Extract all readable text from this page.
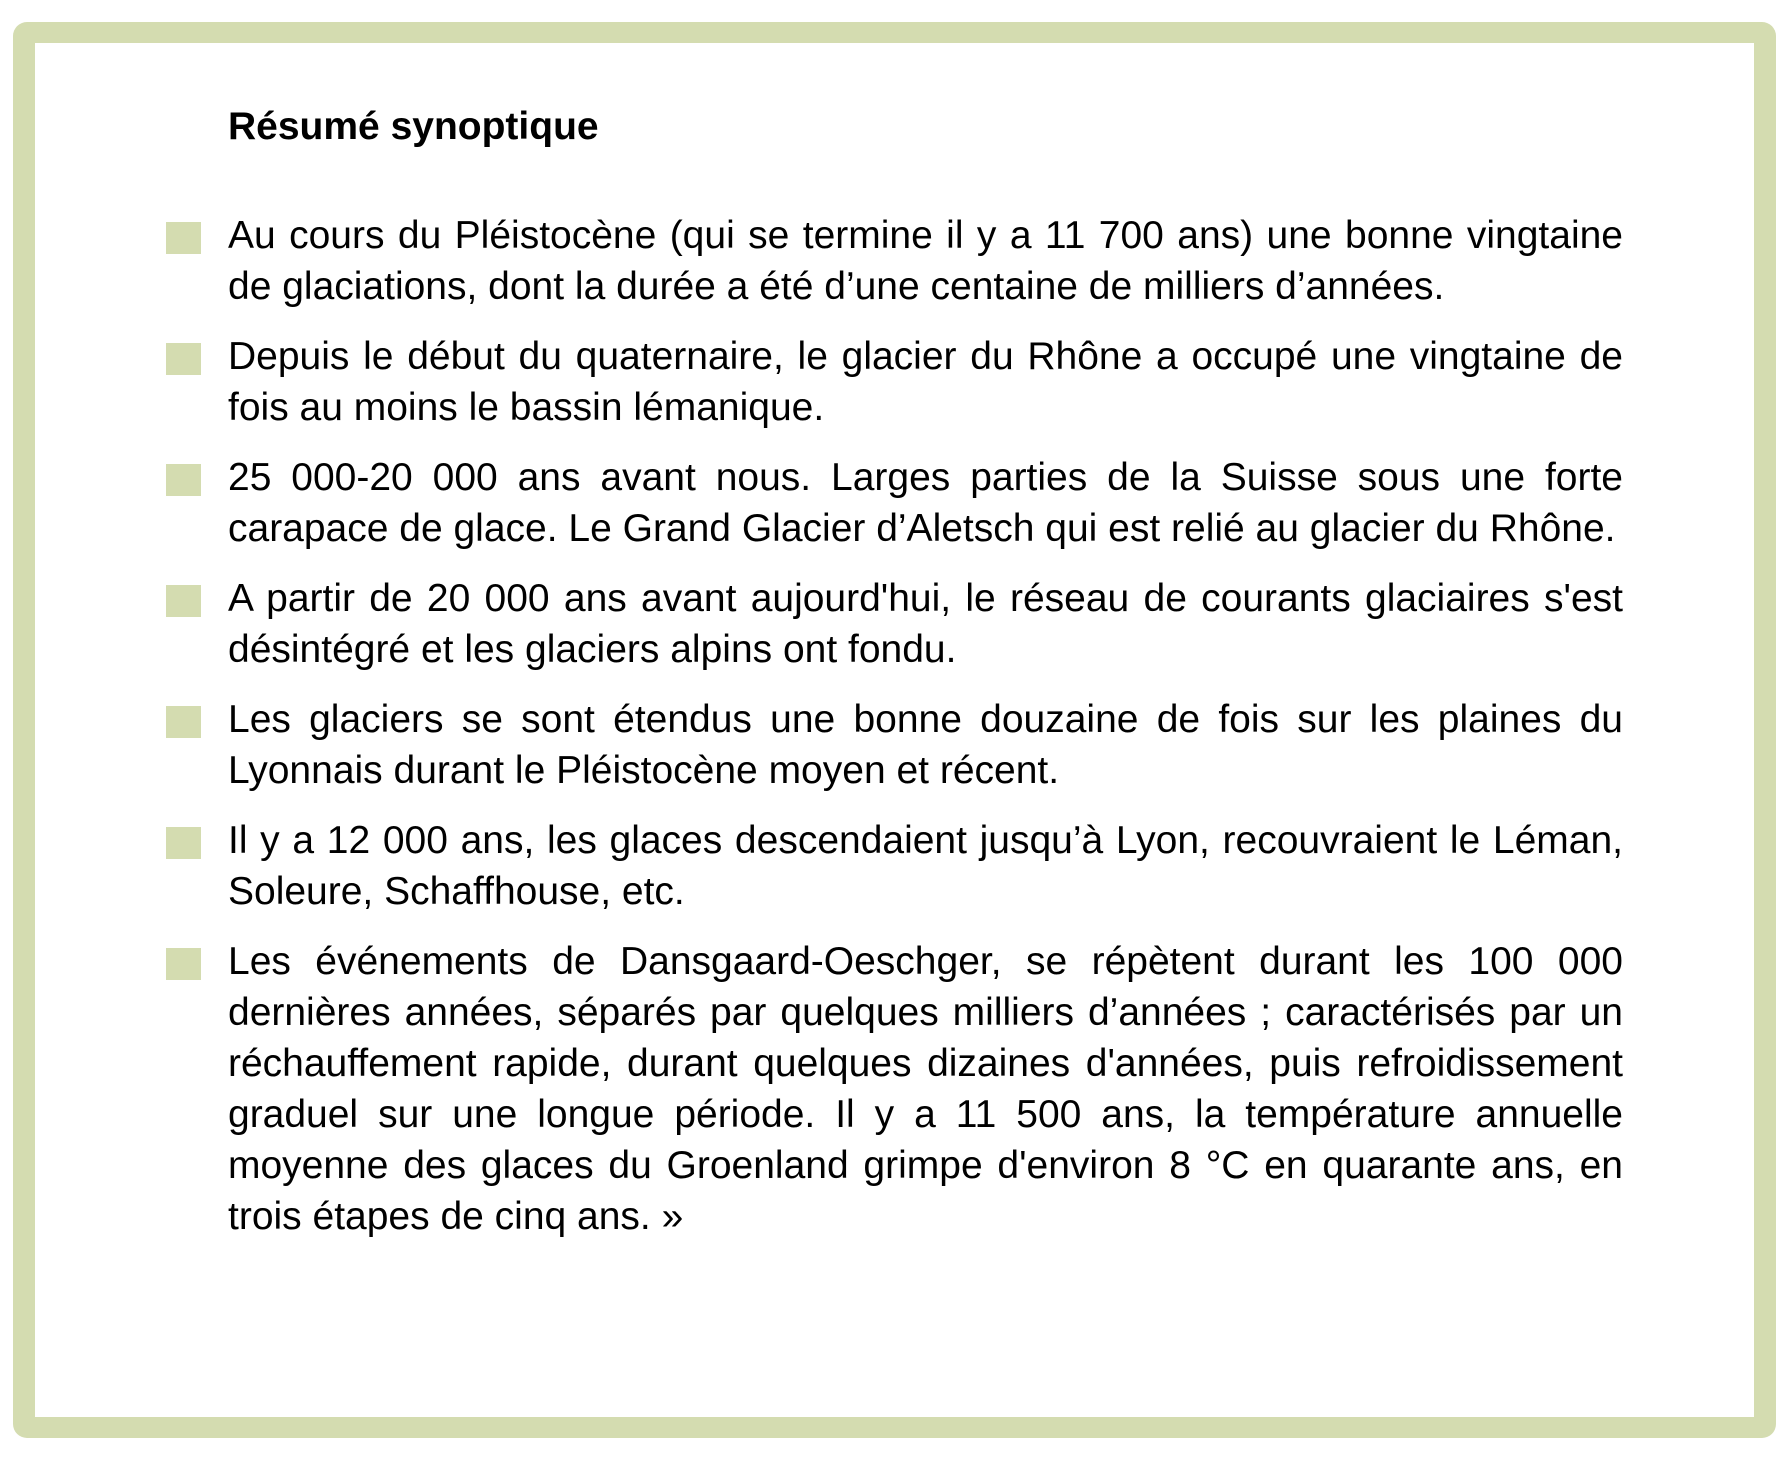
Résumé synoptique
Au cours du Pléistocène (qui se termine il y a 11 700 ans) une bonne vingtaine de glaciations, dont la durée a été d’une centaine de milliers d’années.
Depuis le début du quaternaire, le glacier du Rhône a occupé une vingtaine de fois au moins le bassin lémanique.
25 000-20 000 ans avant nous. Larges parties de la Suisse sous une forte carapace de glace. Le Grand Glacier d’Aletsch qui est relié au glacier du Rhône.
A partir de 20 000 ans avant aujourd'hui, le réseau de courants glaciaires s'est désintégré et les glaciers alpins ont fondu.
Les glaciers se sont étendus une bonne douzaine de fois sur les plaines du Lyonnais durant le Pléistocène moyen et récent.
Il y a 12 000 ans, les glaces descendaient jusqu’à Lyon, recouvraient le Léman, Soleure, Schaffhouse, etc.
Les événements de Dansgaard-Oeschger, se répètent durant les 100 000 dernières années, séparés par quelques milliers d’années ; caractérisés par un réchauffement rapide, durant quelques dizaines d'années, puis refroidissement graduel sur une longue période. Il y a 11 500 ans, la température annuelle moyenne des glaces du Groenland grimpe d'environ 8 °C en quarante ans, en trois étapes de cinq ans. »
